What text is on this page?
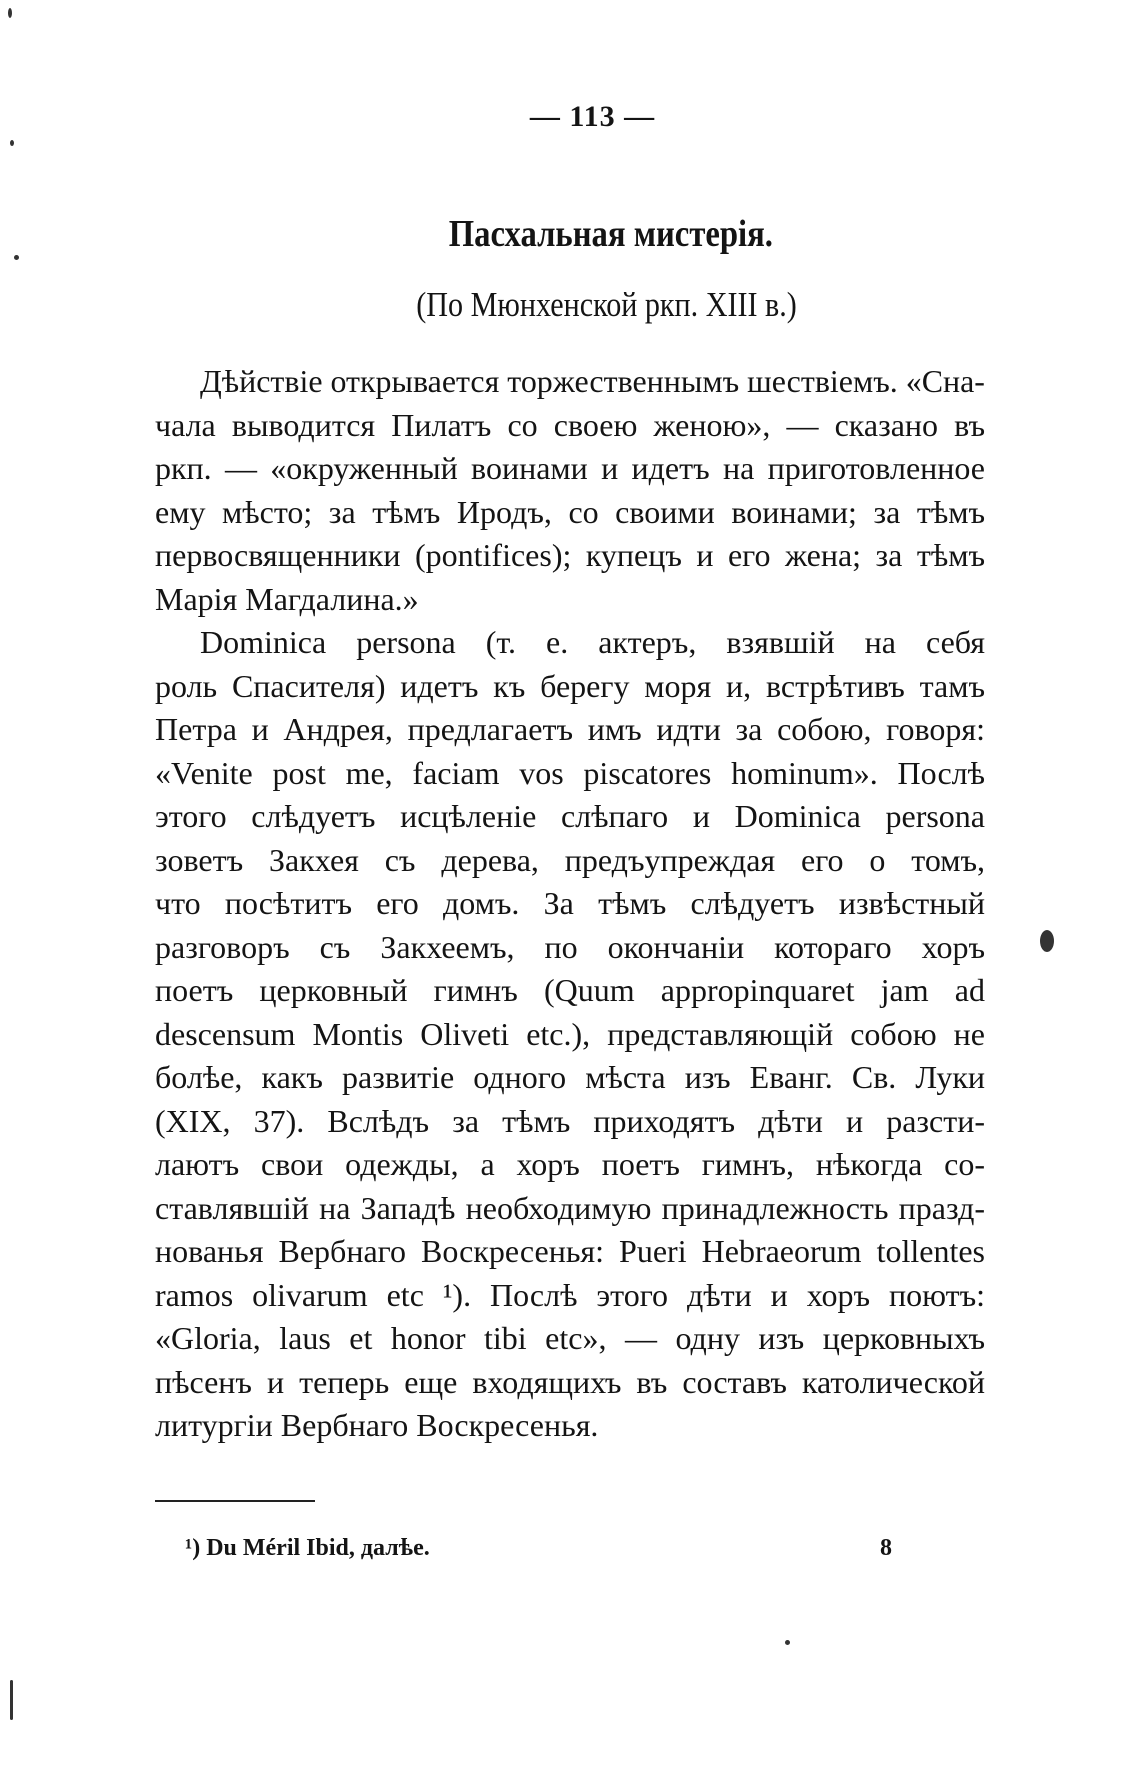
— 113 —
Пасхальная мистерія.
(По Мюнхенской ркп. XIII в.)
Дѣйствіе открывается торжественнымъ шествіемъ. «Сна-
чала выводится Пилатъ со своею женою», — сказано въ
ркп. — «окруженный воинами и идетъ на приготовленное
ему мѣсто; за тѣмъ Иродъ, со своими воинами; за тѣмъ
первосвященники (pontifices); купецъ и его жена; за тѣмъ
Марія Магдалина.»
Dominica persona (т. е. актеръ, взявшій на себя
роль Спасителя) идетъ къ берегу моря и, встрѣтивъ тамъ
Петра и Андрея, предлагаетъ имъ идти за собою, говоря:
«Venite post me, faciam vos piscatores hominum». Послѣ
этого слѣдуетъ исцѣленіе слѣпаго и Dominica persona
зоветъ Закхея съ дерева, предъупреждая его о томъ,
что посѣтитъ его домъ. За тѣмъ слѣдуетъ извѣстный
разговоръ съ Закхеемъ, по окончаніи котораго хоръ
поетъ церковный гимнъ (Quum appropinquaret jam ad
descensum Montis Oliveti etc.), представляющій собою не
болѣе, какъ развитіе одного мѣста изъ Еванг. Св. Луки
(XIX, 37). Вслѣдъ за тѣмъ приходятъ дѣти и разсти-
лаютъ свои одежды, а хоръ поетъ гимнъ, нѣкогда со-
ставлявшій на Западѣ необходимую принадлежность празд-
нованья Вербнаго Воскресенья: Pueri Hebraeorum tollentes
ramos olivarum etc ¹). Послѣ этого дѣти и хоръ поютъ:
«Gloria, laus et honor tibi etc», — одну изъ церковныхъ
пѣсенъ и теперь еще входящихъ въ составъ католической
литургіи Вербнаго Воскресенья.
¹) Du Méril Ibid, далѣе.	8
